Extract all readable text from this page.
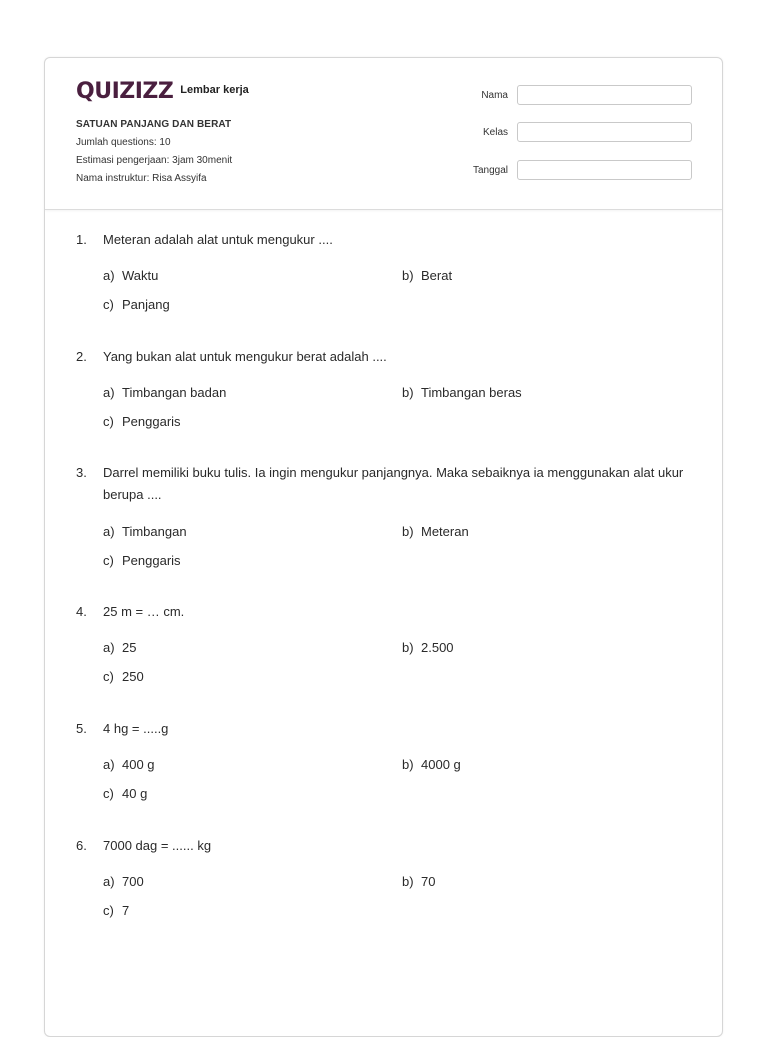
QUIZIZZ Lembar kerja
SATUAN PANJANG DAN BERAT
Jumlah questions: 10
Estimasi pengerjaan: 3jam 30menit
Nama instruktur: Risa Assyifa
Nama
Kelas
Tanggal
1.	Meteran adalah alat untuk mengukur ....
a) Waktu	b) Berat
c) Panjang
2.	Yang bukan alat untuk mengukur berat adalah ....
a) Timbangan badan	b) Timbangan beras
c) Penggaris
3.	Darrel memiliki buku tulis. Ia ingin mengukur panjangnya. Maka sebaiknya ia menggunakan alat ukur berupa ....
a) Timbangan	b) Meteran
c) Penggaris
4.	25 m = … cm.
a) 25	b) 2.500
c) 250
5.	4 hg = .....g
a) 400 g	b) 4000 g
c) 40 g
6.	7000 dag = ...... kg
a) 700	b) 70
c) 7
